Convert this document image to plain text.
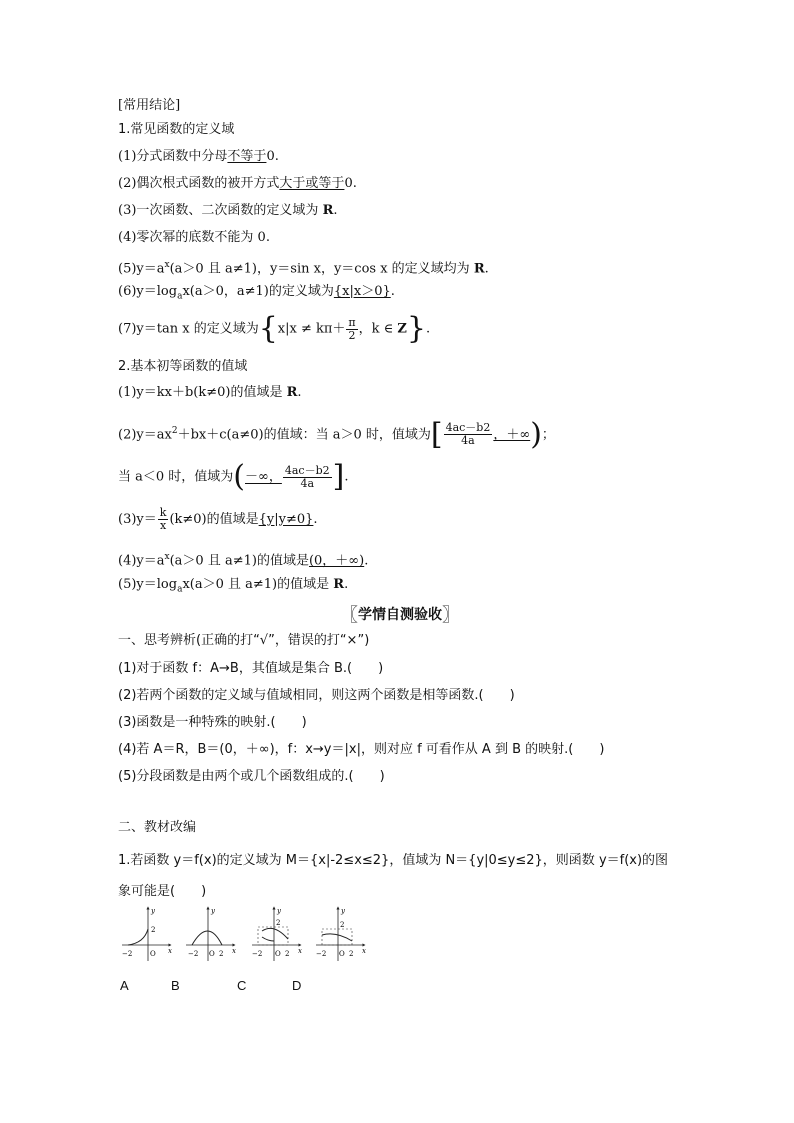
[常用结论]
1.常见函数的定义域
(1)分式函数中分母不等于0.
(2)偶次根式函数的被开方式大于或等于0.
(3)一次函数、二次函数的定义域为 R.
(4)零次幂的底数不能为 0.
$(5)y=a^x(a>0$ 且 a≠1)，y＝sin x，y＝cos x 的定义域均为 R.
$(6)y=\log_ax(a>0$，a≠1)的定义域为{x|x＞0}.
(7)y＝tan x 的定义域为{$x|x \ne k\pi+ \frac{\pi}{2}$ ，k ∈ Z}.
2.基本初等函数的值域
(1)y＝kx＋b(k≠0)的值域是 R.
$(2)y=ax^2+bx+c(a\ne 0)$的值域：当 a＞0 时，值域为[ $\frac{4ac-b2}{4a}$ ，＋∞)；
当 a＜0 时，值域为(－∞， $\frac{4ac-b2}{4a}$ ].
$(3)y= \frac{k}{x} (k\ne 0)$的值域是{y|y≠0}.
$(4)y=a^x(a>0$ 且 a≠1)的值域是(0，＋∞).
$(5)y=\log_ax(a>0$ 且 a≠1)的值域是 R.
〖 学情自测验收 〗
一、思考辨析(正确的打“√”，错误的打“×”)
(1)对于函数 f：A→B，其值域是集合 B.(　　)
(2)若两个函数的定义域与值域相同，则这两个函数是相等函数.(　　)
(3)函数是一种特殊的映射.(　　)
(4)若 A＝R，B＝(0，＋∞)，f：x→y＝|x|，则对应 f 可看作从 A 到 B 的映射.(　　)
(5)分段函数是由两个或几个函数组成的.(　　)
二、教材改编
1.若函数 y＝f(x)的定义域为 M＝{x|-2≤x≤2}，值域为 N＝{y|0≤y≤2}，则函数 y＝f(x)的图
象可能是(　　)
y
x
2
−2	O
y
x
−2 O 2
y
x
2
−2 O 2
y
x
2
−2 O 2
A	B	C	D
